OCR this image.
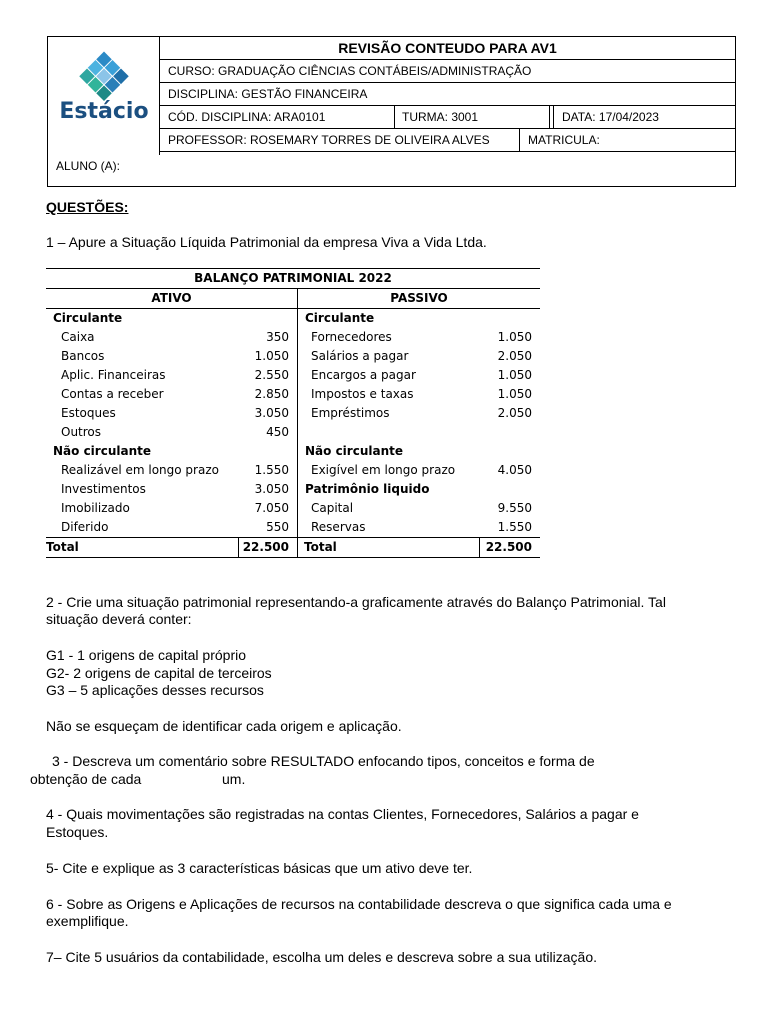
Estácio
REVISÃO CONTEUDO PARA AV1
CURSO: GRADUAÇÃO CIÊNCIAS CONTÁBEIS/ADMINISTRAÇÃO
DISCIPLINA: GESTÃO FINANCEIRA
CÓD. DISCIPLINA: ARA0101	TURMA: 3001	DATA: 17/04/2023
PROFESSOR: ROSEMARY TORRES DE OLIVEIRA ALVES	MATRICULA:
ALUNO (A):
QUESTÕES:
1 – Apure a Situação Líquida Patrimonial da empresa Viva a Vida Ltda.
BALANÇO PATRIMONIAL 2022			
ATIVO		PASSIVO	
Circulante		Circulante	
Caixa	350	Fornecedores	1.050
Bancos	1.050	Salários a pagar	2.050
Aplic. Financeiras	2.550	Encargos a pagar	1.050
Contas a receber	2.850	Impostos e taxas	1.050
Estoques	3.050	Empréstimos	2.050
Outros	450		
Não circulante		Não circulante	
Realizável em longo prazo	1.550	Exigível em longo prazo	4.050
Investimentos	3.050	Patrimônio liquido	
Imobilizado	7.050	Capital	9.550
Diferido	550	Reservas	1.550
Total	22.500	Total	22.500
2 - Crie uma situação patrimonial representando-a graficamente através do Balanço Patrimonial. Tal
situação deverá conter:
G1 - 1 origens de capital próprio
G2- 2 origens de capital de terceiros
G3 – 5 aplicações desses recursos
Não se esqueçam de identificar cada origem e aplicação.
3 - Descreva um comentário sobre RESULTADO enfocando tipos, conceitos e forma de
obtenção de cada	um.
4 - Quais movimentações são registradas na contas Clientes, Fornecedores, Salários a pagar e
Estoques.
5- Cite e explique as 3 características básicas que um ativo deve ter.
6 - Sobre as Origens e Aplicações de recursos na contabilidade descreva o que significa cada uma e
exemplifique.
7– Cite 5 usuários da contabilidade, escolha um deles e descreva sobre a sua utilização.
